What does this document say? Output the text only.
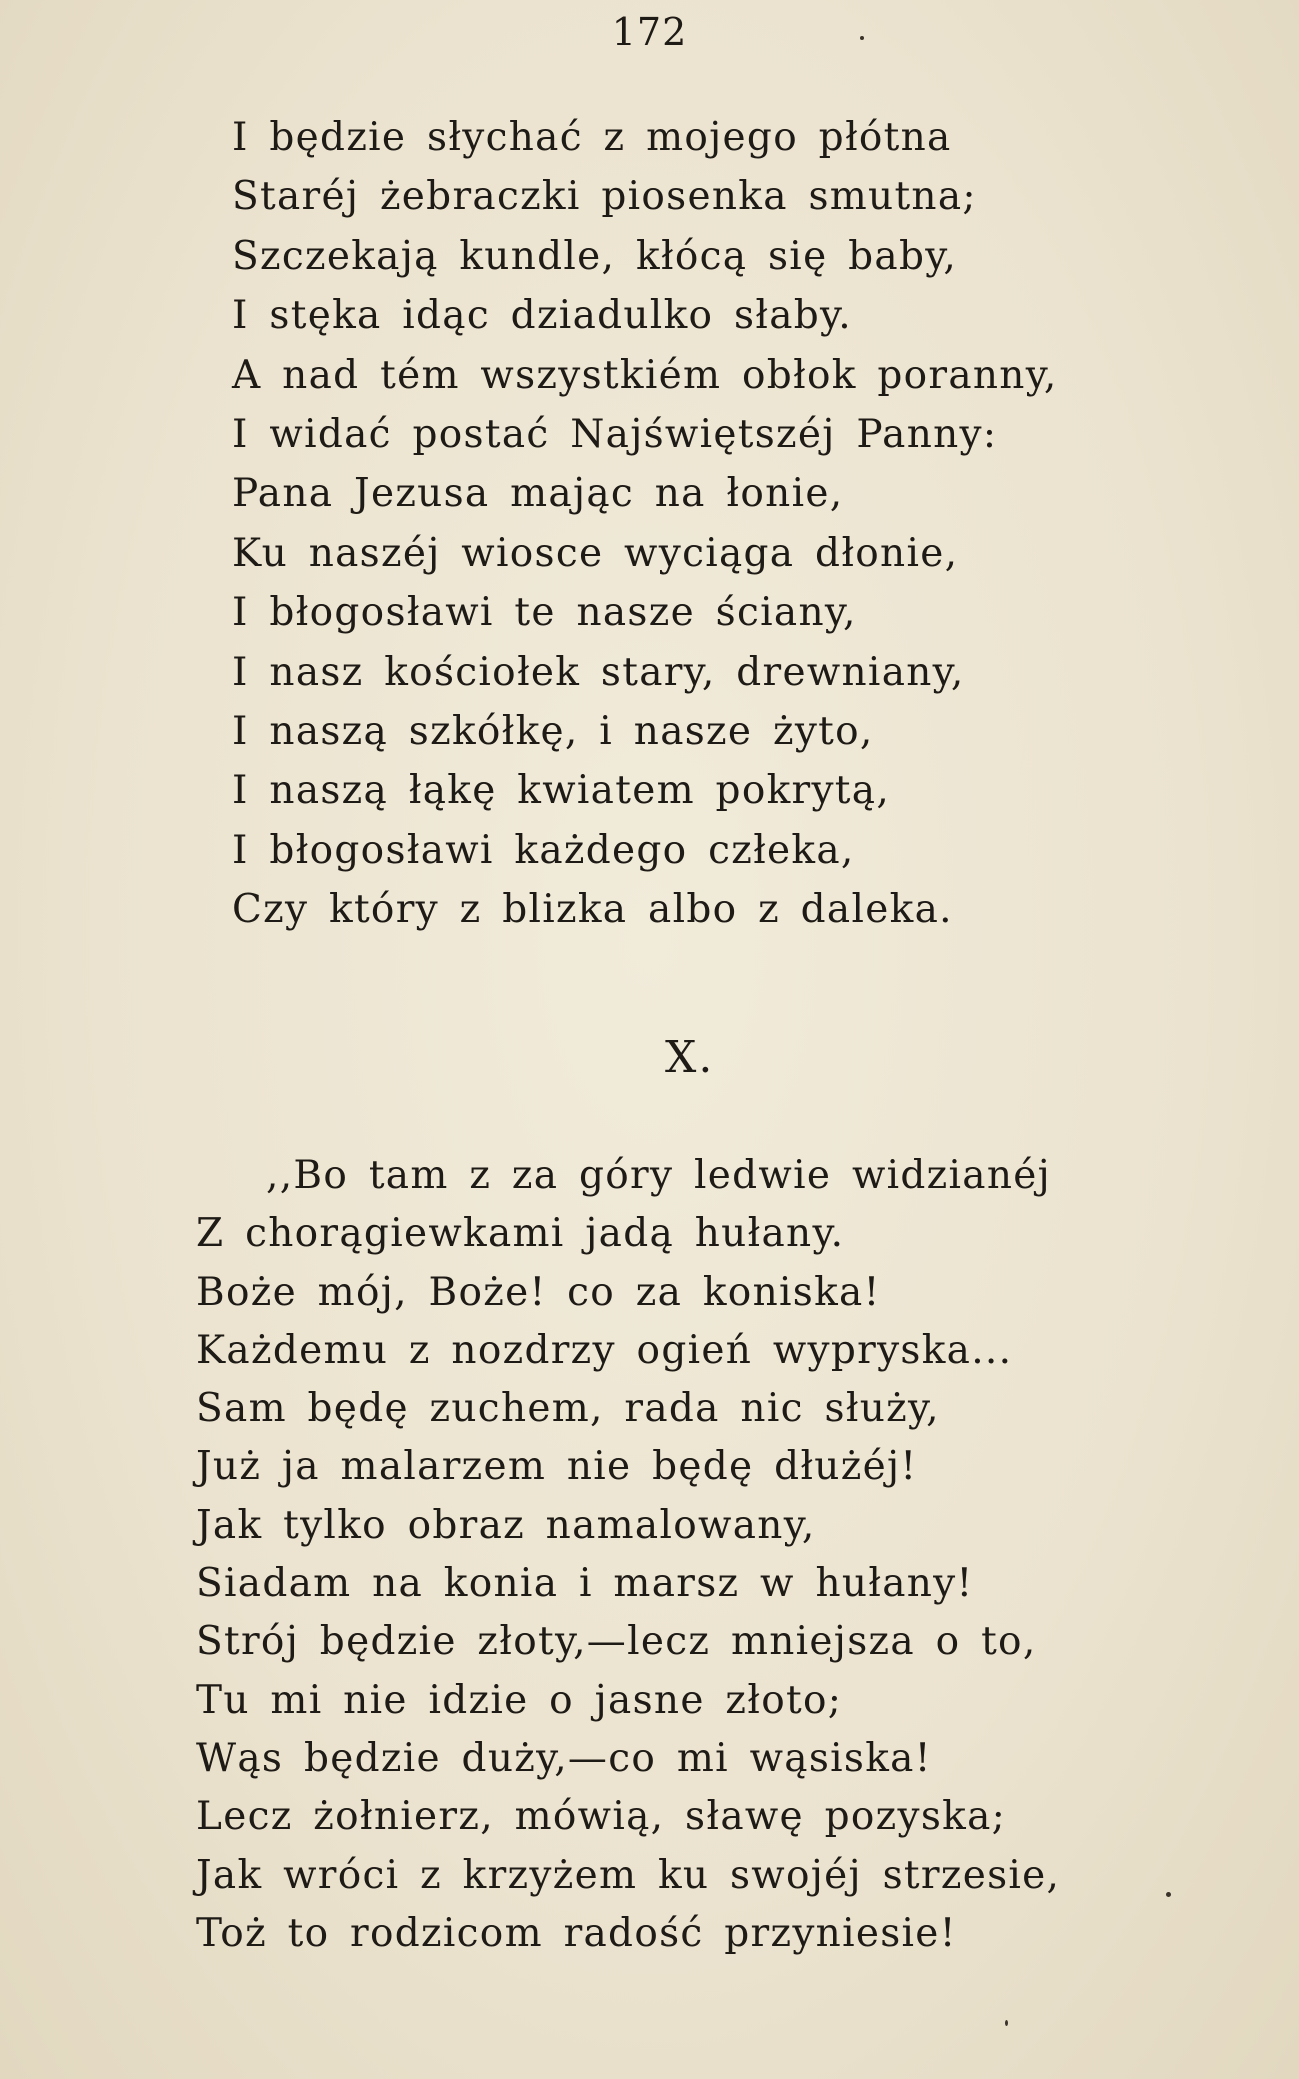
172
I będzie słychać z mojego płótna
Staréj żebraczki piosenka smutna;
Szczekają kundle, kłócą się baby,
I stęka idąc dziadulko słaby.
A nad tém wszystkiém obłok poranny,
I widać postać Najświętszéj Panny:
Pana Jezusa mając na łonie,
Ku naszéj wiosce wyciąga dłonie,
I błogosławi te nasze ściany,
I nasz kościołek stary, drewniany,
I naszą szkółkę, i nasze żyto,
I naszą łąkę kwiatem pokrytą,
I błogosławi każdego człeka,
Czy który z blizka albo z daleka.
X.
,,Bo tam z za góry ledwie widzianéj
Z chorągiewkami jadą hułany.
Boże mój, Boże! co za koniska!
Każdemu z nozdrzy ogień wypryska...
Sam będę zuchem, rada nic służy,
Już ja malarzem nie będę dłużéj!
Jak tylko obraz namalowany,
Siadam na konia i marsz w hułany!
Strój będzie złoty,—lecz mniejsza o to,
Tu mi nie idzie o jasne złoto;
Wąs będzie duży,—co mi wąsiska!
Lecz żołnierz, mówią, sławę pozyska;
Jak wróci z krzyżem ku swojéj strzesie,
Toż to rodzicom radość przyniesie!
